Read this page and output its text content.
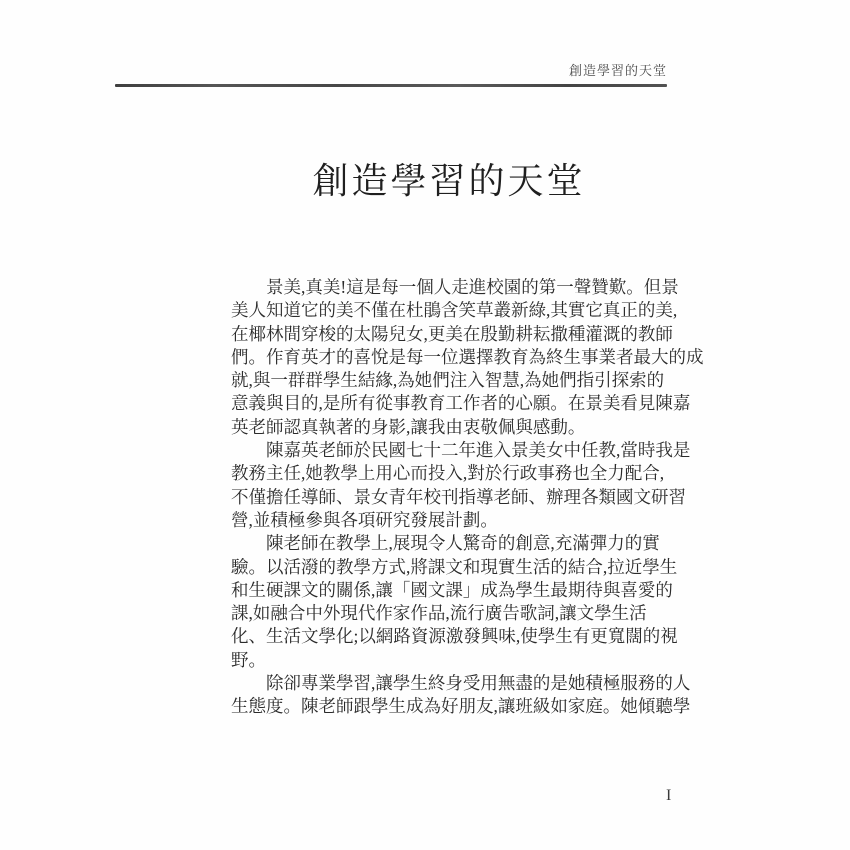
創造學習的天堂
創造學習的天堂
景美,真美!這是每一個人走進校園的第一聲贊歎。但景
美人知道它的美不僅在杜鵑含笑草叢新綠,其實它真正的美,
在椰林間穿梭的太陽兒女,更美在殷勤耕耘撒種灌溉的教師
們。作育英才的喜悅是每一位選擇教育為終生事業者最大的成
就,與一群群學生結緣,為她們注入智慧,為她們指引探索的
意義與目的,是所有從事教育工作者的心願。在景美看見陳嘉
英老師認真執著的身影,讓我由衷敬佩與感動。
陳嘉英老師於民國七十二年進入景美女中任教,當時我是
教務主任,她教學上用心而投入,對於行政事務也全力配合,
不僅擔任導師、景女青年校刊指導老師、辦理各類國文研習
營,並積極參與各項研究發展計劃。
陳老師在教學上,展現令人驚奇的創意,充滿彈力的實
驗。以活潑的教學方式,將課文和現實生活的結合,拉近學生
和生硬課文的關係,讓「國文課」成為學生最期待與喜愛的
課,如融合中外現代作家作品,流行廣告歌詞,讓文學生活
化、生活文學化;以網路資源激發興味,使學生有更寬闊的視
野。
除卻專業學習,讓學生終身受用無盡的是她積極服務的人
生態度。陳老師跟學生成為好朋友,讓班級如家庭。她傾聽學
I
